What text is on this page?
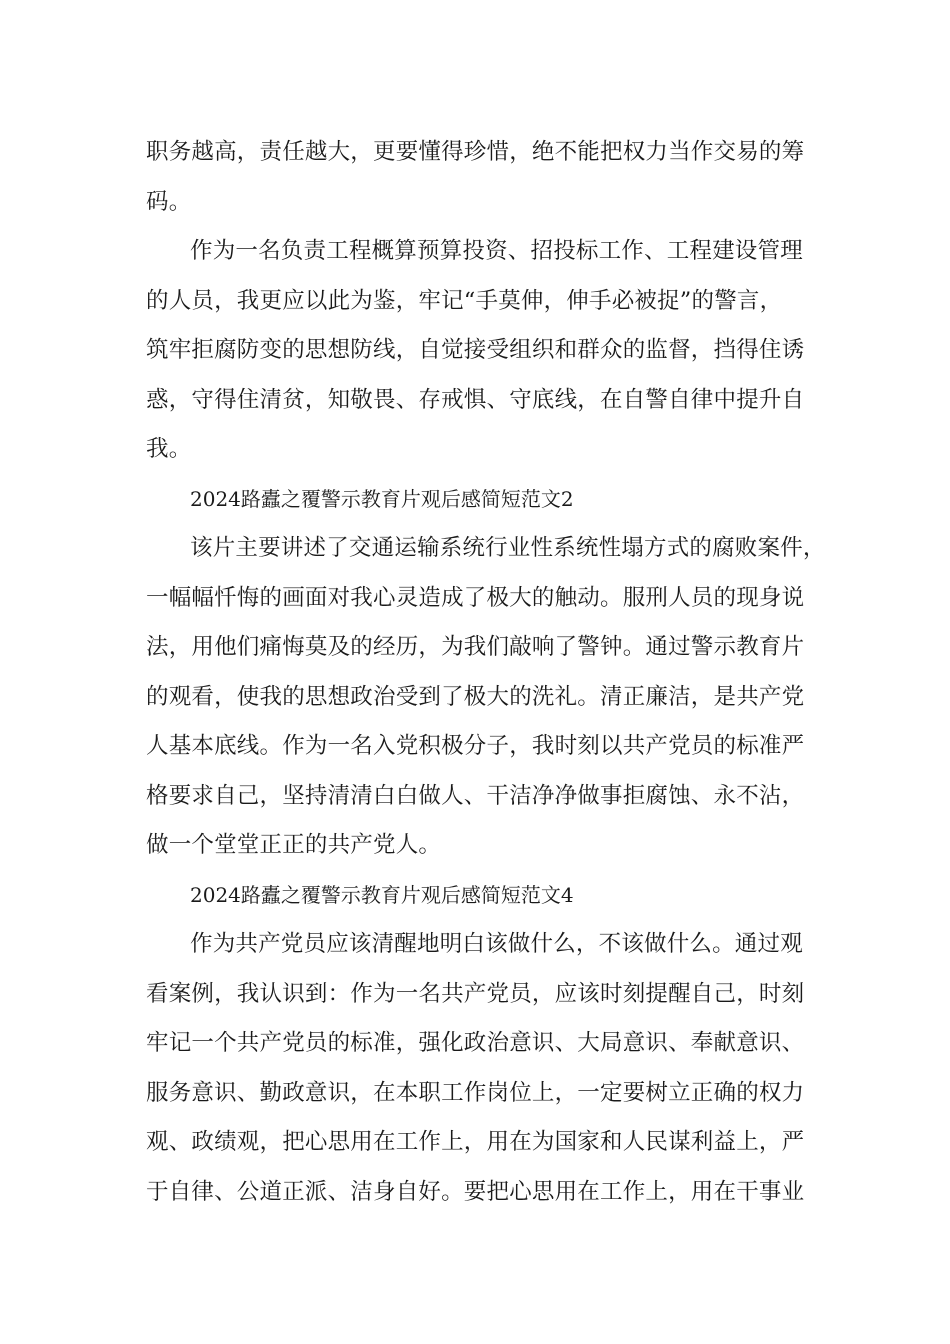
职务越高，责任越大，更要懂得珍惜，绝不能把权力当作交易的筹
码。
作为一名负责工程概算预算投资、招投标工作、工程建设管理
的人员，我更应以此为鉴，牢记“手莫伸，伸手必被捉”的警言，
筑牢拒腐防变的思想防线，自觉接受组织和群众的监督，挡得住诱
惑，守得住清贫，知敬畏、存戒惧、守底线，在自警自律中提升自
我。
2024路蠹之覆警示教育片观后感简短范文2
该片主要讲述了交通运输系统行业性系统性塌方式的腐败案件，
一幅幅忏悔的画面对我心灵造成了极大的触动。服刑人员的现身说
法，用他们痛悔莫及的经历，为我们敲响了警钟。通过警示教育片
的观看，使我的思想政治受到了极大的洗礼。清正廉洁，是共产党
人基本底线。作为一名入党积极分子，我时刻以共产党员的标准严
格要求自己，坚持清清白白做人、干洁净净做事拒腐蚀、永不沾，
做一个堂堂正正的共产党人。
2024路蠹之覆警示教育片观后感简短范文4
作为共产党员应该清醒地明白该做什么，不该做什么。通过观
看案例，我认识到：作为一名共产党员，应该时刻提醒自己，时刻
牢记一个共产党员的标准，强化政治意识、大局意识、奉献意识、
服务意识、勤政意识，在本职工作岗位上，一定要树立正确的权力
观、政绩观，把心思用在工作上，用在为国家和人民谋利益上，严
于自律、公道正派、洁身自好。要把心思用在工作上，用在干事业
